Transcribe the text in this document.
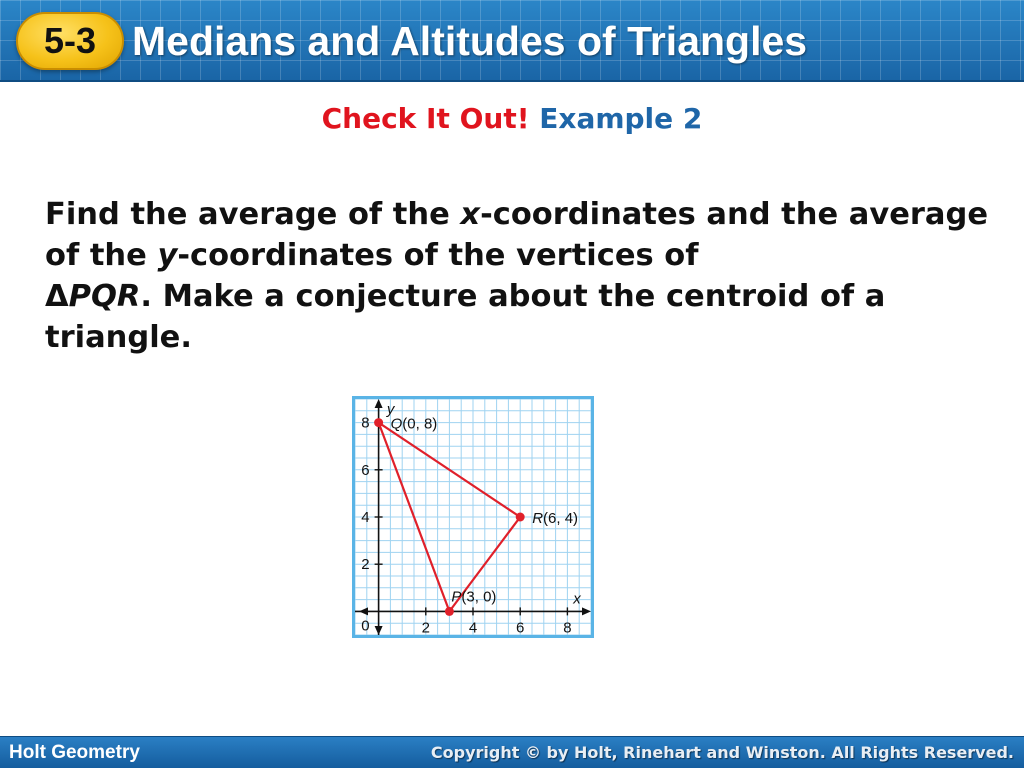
5-3 Medians and Altitudes of Triangles
Check It Out! Example 2
Find the average of the x-coordinates and the average of the y-coordinates of the vertices of
ΔPQR. Make a conjecture about the centroid of a triangle.
2	4	6	8
2
4
6
8
0
x
y
Q(0, 8)
R(6, 4)
P(3, 0)
Holt Geometry	Copyright © by Holt, Rinehart and Winston. All Rights Reserved.
